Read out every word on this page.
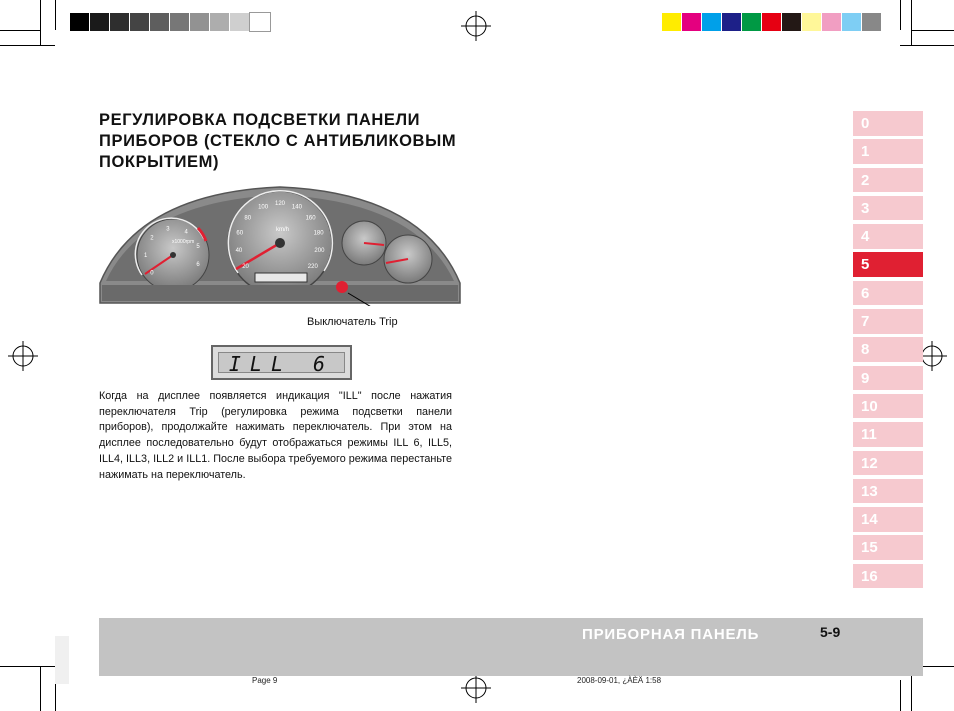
РЕГУЛИРОВКА ПОДСВЕТКИ ПАНЕЛИ
ПРИБОРОВ (СТЕКЛО С АНТИБЛИКОВЫМ
ПОКРЫТИЕМ)
x1000rpm
km/h
20
40
60
80
100
120
140
160
180
200
220
0
1
2
3
4
5
6
Выключатель Trip
ILL 6
Когда на дисплее появляется индикация "ILL" после нажатия переключателя Trip (регулировка режима подсветки панели приборов), продолжайте нажимать переключатель. При этом на дисплее последовательно будут отображаться режимы ILL 6, ILL5, ILL4, ILL3, ILL2 и ILL1. После выбора требуемого режима перестаньте нажимать на переключатель.
0
1
2
3
4
5
6
7
8
9
10
11
12
13
14
15
16
ПРИБОРНАЯ ПАНЕЛЬ	5-9
Page 9	2008-09-01, ¿ÀÈÄ 1:58
